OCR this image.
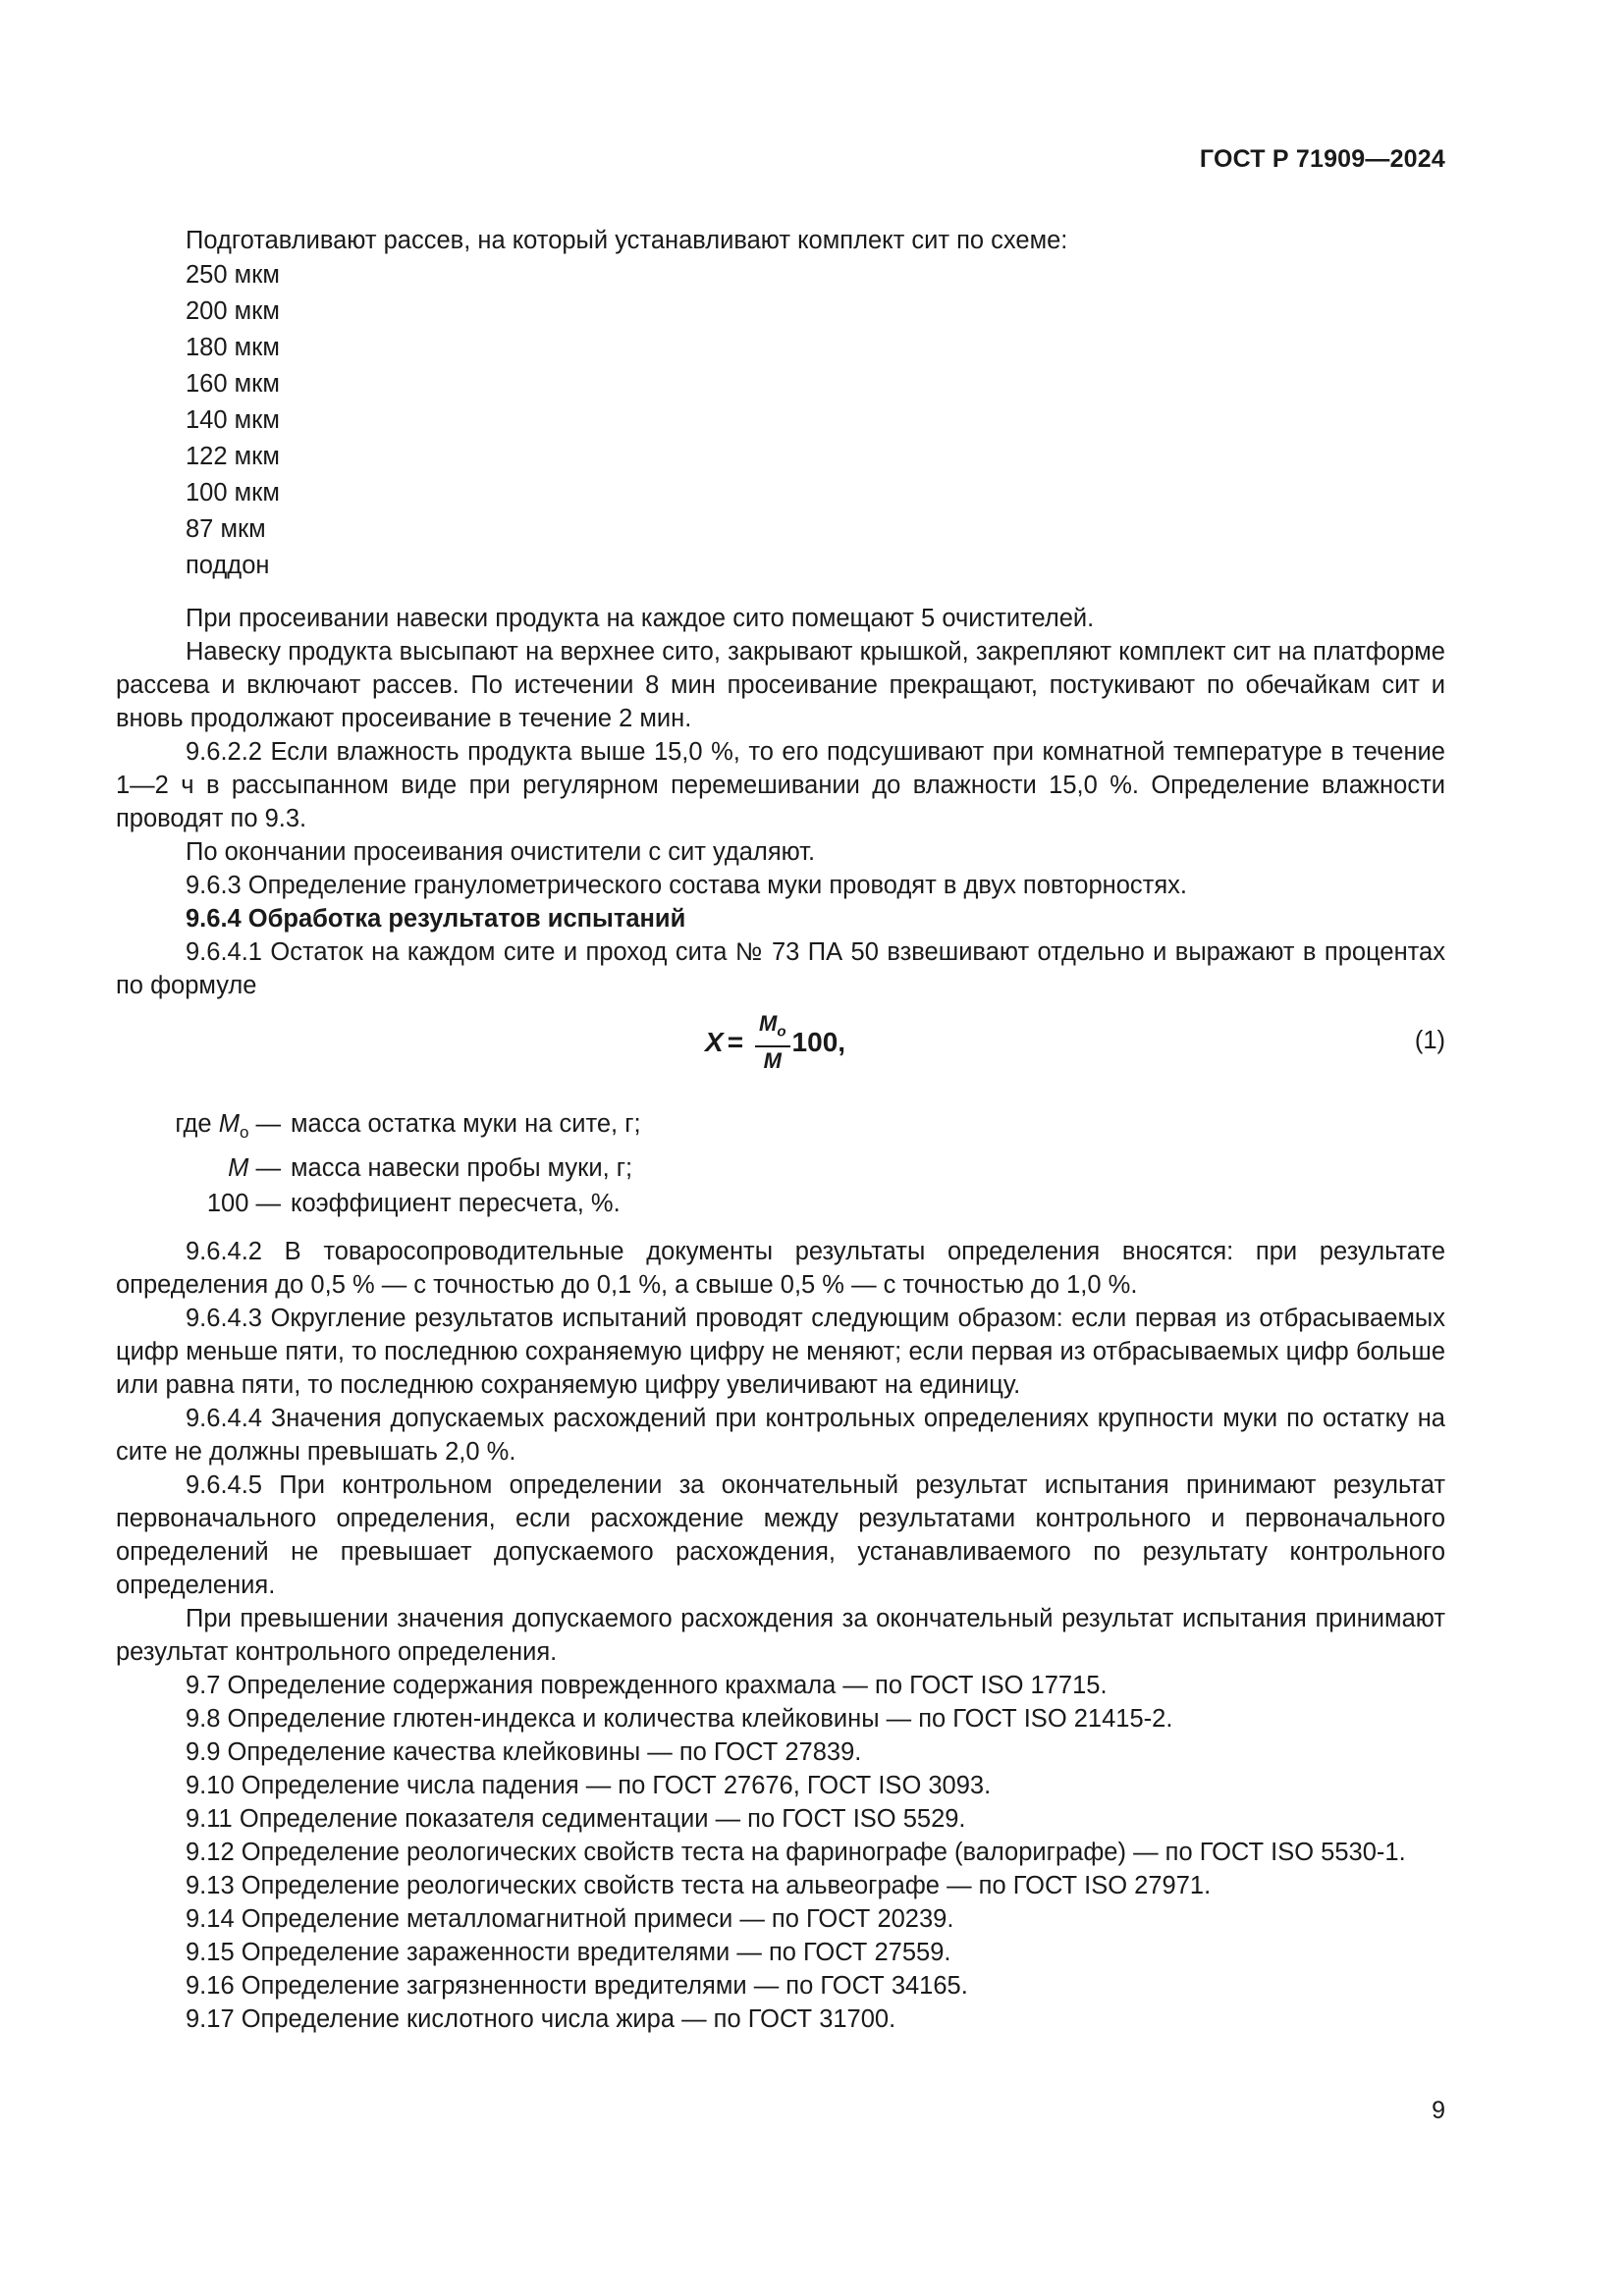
ГОСТ Р 71909—2024

Подготавливают рассев, на который устанавливают комплект сит по схеме:

250 мкм
200 мкм
180 мкм
160 мкм
140 мкм
122 мкм
100 мкм
87 мкм
поддон

При просеивании навески продукта на каждое сито помещают 5 очистителей.

Навеску продукта высыпают на верхнее сито, закрывают крышкой, закрепляют комплект сит на платформе рассева и включают рассев. По истечении 8 мин просеивание прекращают, постукивают по обечайкам сит и вновь продолжают просеивание в течение 2 мин.

9.6.2.2 Если влажность продукта выше 15,0 %, то его подсушивают при комнатной температуре в течение 1—2 ч в рассыпанном виде при регулярном перемешивании до влажности 15,0 %. Определение влажности проводят по 9.3.

По окончании просеивания очистители с сит удаляют.

9.6.3 Определение гранулометрического состава муки проводят в двух повторностях.

9.6.4 Обработка результатов испытаний

9.6.4.1 Остаток на каждом сите и проход сита № 73 ПА 50 взвешивают отдельно и выражают в процентах по формуле

$X = \frac{M_o}{M} 100$,	(1)
где $M_o$ — масса остатка муки на сите, г;
M — масса навески пробы муки, г;
100 — коэффициент пересчета, %.

9.6.4.2 В товаросопроводительные документы результаты определения вносятся: при результате определения до 0,5 % — с точностью до 0,1 %, а свыше 0,5 % — с точностью до 1,0 %.

9.6.4.3 Округление результатов испытаний проводят следующим образом: если первая из отбрасываемых цифр меньше пяти, то последнюю сохраняемую цифру не меняют; если первая из отбрасываемых цифр больше или равна пяти, то последнюю сохраняемую цифру увеличивают на единицу.

9.6.4.4 Значения допускаемых расхождений при контрольных определениях крупности муки по остатку на сите не должны превышать 2,0 %.

9.6.4.5 При контрольном определении за окончательный результат испытания принимают результат первоначального определения, если расхождение между результатами контрольного и первоначального определений не превышает допускаемого расхождения, устанавливаемого по результату контрольного определения.

При превышении значения допускаемого расхождения за окончательный результат испытания принимают результат контрольного определения.

9.7 Определение содержания поврежденного крахмала — по ГОСТ ISO 17715.

9.8 Определение глютен-индекса и количества клейковины — по ГОСТ ISO 21415-2.

9.9 Определение качества клейковины — по ГОСТ 27839.

9.10 Определение числа падения — по ГОСТ 27676, ГОСТ ISO 3093.

9.11 Определение показателя седиментации — по ГОСТ ISO 5529.

9.12 Определение реологических свойств теста на фаринографе (валориграфе) — по ГОСТ ISO 5530-1.

9.13 Определение реологических свойств теста на альвеографе — по ГОСТ ISO 27971.

9.14 Определение металломагнитной примеси — по ГОСТ 20239.

9.15 Определение зараженности вредителями — по ГОСТ 27559.

9.16 Определение загрязненности вредителями — по ГОСТ 34165.

9.17 Определение кислотного числа жира — по ГОСТ 31700.

9
